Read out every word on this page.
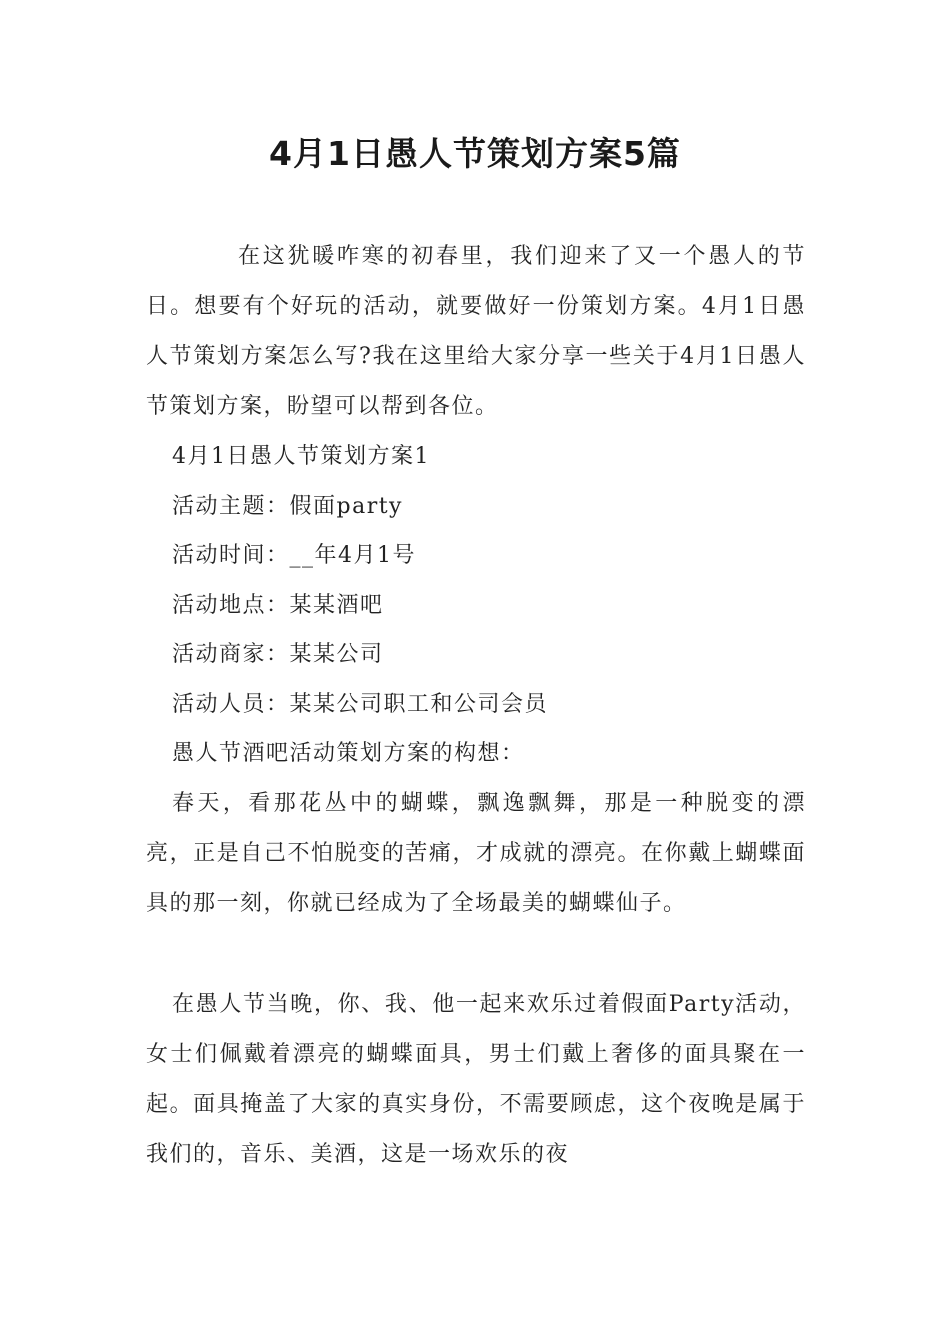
4月1日愚人节策划方案5篇

在这犹暖咋寒的初春里，我们迎来了又一个愚人的节日。想要有个好玩的活动，就要做好一份策划方案。4月1日愚人节策划方案怎么写?我在这里给大家分享一些关于4月1日愚人节策划方案，盼望可以帮到各位。

4月1日愚人节策划方案1

活动主题：假面party

活动时间：__年4月1号

活动地点：某某酒吧

活动商家：某某公司

活动人员：某某公司职工和公司会员

愚人节酒吧活动策划方案的构想：

春天，看那花丛中的蝴蝶，飘逸飘舞，那是一种脱变的漂亮，正是自己不怕脱变的苦痛，才成就的漂亮。在你戴上蝴蝶面具的那一刻，你就已经成为了全场最美的蝴蝶仙子。

在愚人节当晚，你、我、他一起来欢乐过着假面Party活动，女士们佩戴着漂亮的蝴蝶面具，男士们戴上奢侈的面具聚在一起。面具掩盖了大家的真实身份，不需要顾虑，这个夜晚是属于我们的，音乐、美酒，这是一场欢乐的夜
